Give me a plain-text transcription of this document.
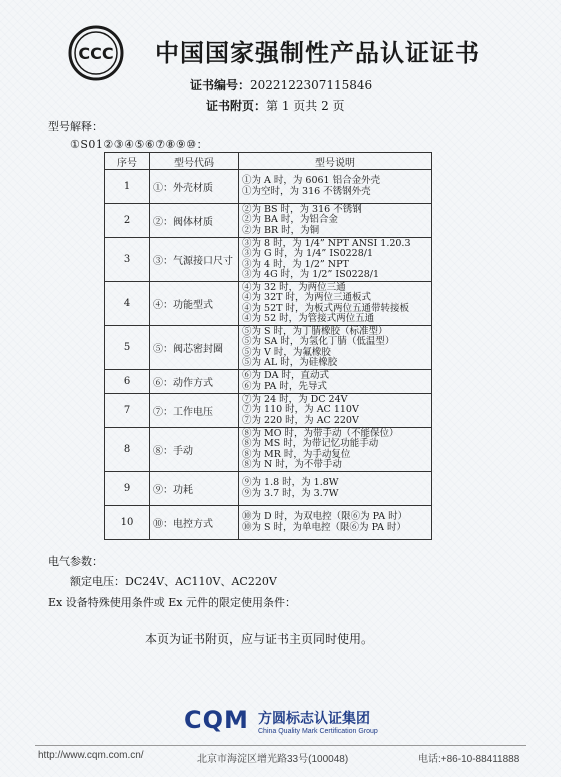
CCC 中国国家强制性产品认证证书
证书编号：2022122307115846
证书附页：第 1 页共 2 页
型号解释：
①S01②③④⑤⑥⑦⑧⑨⑩：
序号	型号代码	型号说明
1	①：外壳材质	①为 A 时，为 6061 铝合金外壳
①为空时，为 316 不锈钢外壳

2	②：阀体材质	②为 BS 时，为 316 不锈钢
②为 BA 时，为铝合金
②为 BR 时，为铜

3	③：气源接口尺寸	③为 8 时，为 1/4” NPT ANSI 1.20.3
③为 G 时，为 1/4” IS0228/1
③为 4 时，为 1/2” NPT
③为 4G 时，为 1/2” IS0228/1

4	④：功能型式	④为 32 时，为两位三通
④为 32T 时，为两位三通板式
④为 52T 时，为板式两位五通带转接板
④为 52 时，为管接式两位五通

5	⑤：阀芯密封圈	⑤为 S 时，为丁腈橡胶（标准型）
⑤为 SA 时，为氢化丁腈（低温型）
⑤为 V 时，为氟橡胶
⑤为 AL 时，为硅橡胶

6	⑥：动作方式	⑥为 DA 时，直动式
⑥为 PA 时，先导式

7	⑦：工作电压	⑦为 24 时，为 DC 24V
⑦为 110 时，为 AC 110V
⑦为 220 时，为 AC 220V

8	⑧：手动	⑧为 MO 时，为带手动（不能保位）
⑧为 MS 时，为带记忆功能手动
⑧为 MR 时，为手动复位
⑧为 N 时，为不带手动

9	⑨：功耗	⑨为 1.8 时，为 1.8W
⑨为 3.7 时，为 3.7W

10	⑩：电控方式	⑩为 D 时，为双电控（限⑥为 PA 时）
⑩为 S 时，为单电控（限⑥为 PA 时）
电气参数：
额定电压：DC24V、AC110V、AC220V
Ex 设备特殊使用条件或 Ex 元件的限定使用条件：
本页为证书附页，应与证书主页同时使用。
CQM 方圆标志认证集团
China Quality Mark Certification Group
http://www.cqm.com.cn/	北京市海淀区增光路33号(100048)	电话:+86-10-88411888
